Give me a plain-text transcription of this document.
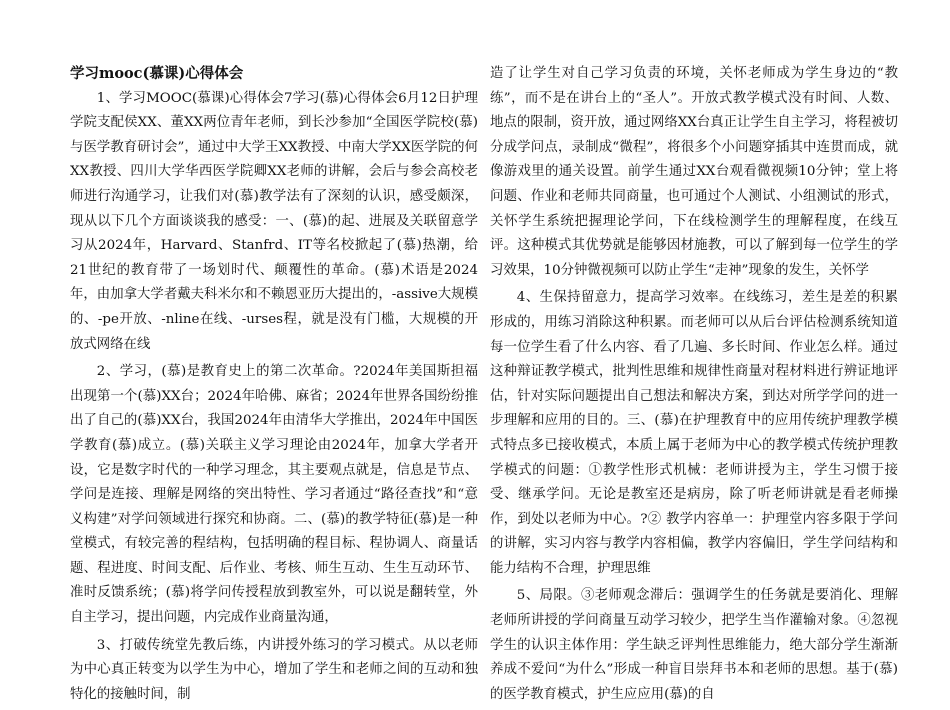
学习mooc(慕课)心得体会

1、学习MOOC(慕课)心得体会7学习(慕)心得体会6月12日护理学院支配侯XX、董XX两位青年老师，到长沙参加“全国医学院校(慕)与医学教育研讨会”，通过中大学王XX教授、中南大学XX医学院的何XX教授、四川大学华西医学院卿XX老师的讲解，会后与参会高校老师进行沟通学习，让我们对(慕)教学法有了深刻的认识，感受颇深，现从以下几个方面谈谈我的感受：一、(慕)的起、进展及关联留意学习从2024年，Harvard、Stanfrd、IT等名校掀起了(慕)热潮，给21世纪的教育带了一场划时代、颠覆性的革命。(慕)术语是2024年，由加拿大学者戴夫科米尔和不赖恩亚历大提出的，-assive大规模的、-pe开放、-nline在线、-urses程，就是没有门槛，大规模的开放式网络在线

2、学习，(慕)是教育史上的第二次革命。?2024年美国斯担福出现第一个(慕)XX台；2024年哈佛、麻省；2024年世界各国纷纷推出了自己的(慕)XX台，我国2024年由清华大学推出，2024年中国医学教育(慕)成立。(慕)关联主义学习理论由2024年，加拿大学者开设，它是数字时代的一种学习理念，其主要观点就是，信息是节点、学问是连接、理解是网络的突出特性、学习者通过“路径查找”和“意义构建”对学问领域进行探究和协商。二、(慕)的教学特征(慕)是一种堂模式，有较完善的程结构，包括明确的程目标、程协调人、商量话题、程进度、时间支配、后作业、考核、师生互动、生生互动环节、准时反馈系统；(慕)将学问传授程放到教室外，可以说是翻转堂，外自主学习，提出问题，内完成作业商量沟通，

3、打破传统堂先教后练，内讲授外练习的学习模式。从以老师为中心真正转变为以学生为中心，增加了学生和老师之间的互动和独特化的接触时间，制

造了让学生对自己学习负责的环境，关怀老师成为学生身边的“教练”，而不是在讲台上的“圣人”。开放式教学模式没有时间、人数、地点的限制，资开放，通过网络XX台真正让学生自主学习，将程被切分成学问点，录制成“微程”，将很多个小问题穿插其中连贯而成，就像游戏里的通关设置。前学生通过XX台观看微视频10分钟；堂上将问题、作业和老师共同商量，也可通过个人测试、小组测试的形式，关怀学生系统把握理论学问，下在线检测学生的理解程度，在线互评。这种模式其优势就是能够因材施教，可以了解到每一位学生的学习效果，10分钟微视频可以防止学生“走神”现象的发生，关怀学

4、生保持留意力，提高学习效率。在线练习，差生是差的积累形成的，用练习消除这种积累。而老师可以从后台评估检测系统知道每一位学生看了什么内容、看了几遍、多长时间、作业怎么样。通过这种辩证教学模式，批判性思维和规律性商量对程材料进行辨证地评估，针对实际问题提出自己想法和解决方案，到达对所学学问的进一步理解和应用的目的。三、(慕)在护理教育中的应用传统护理教学模式特点多已接收模式，本质上属于老师为中心的教学模式传统护理教学模式的问题：①教学性形式机械：老师讲授为主，学生习惯于接受、继承学问。无论是教室还是病房，除了听老师讲就是看老师操作，到处以老师为中心。?② 教学内容单一：护理堂内容多限于学问的讲解，实习内容与教学内容相偏，教学内容偏旧，学生学问结构和能力结构不合理，护理思维

5、局限。③老师观念滞后：强调学生的任务就是要消化、理解老师所讲授的学问商量互动学习较少，把学生当作灌输对象。④忽视学生的认识主体作用：学生缺乏评判性思维能力，绝大部分学生渐渐养成不爱问“为什么”形成一种盲目崇拜书本和老师的思想。基于(慕)的医学教育模式，护生应应用(慕)的自
